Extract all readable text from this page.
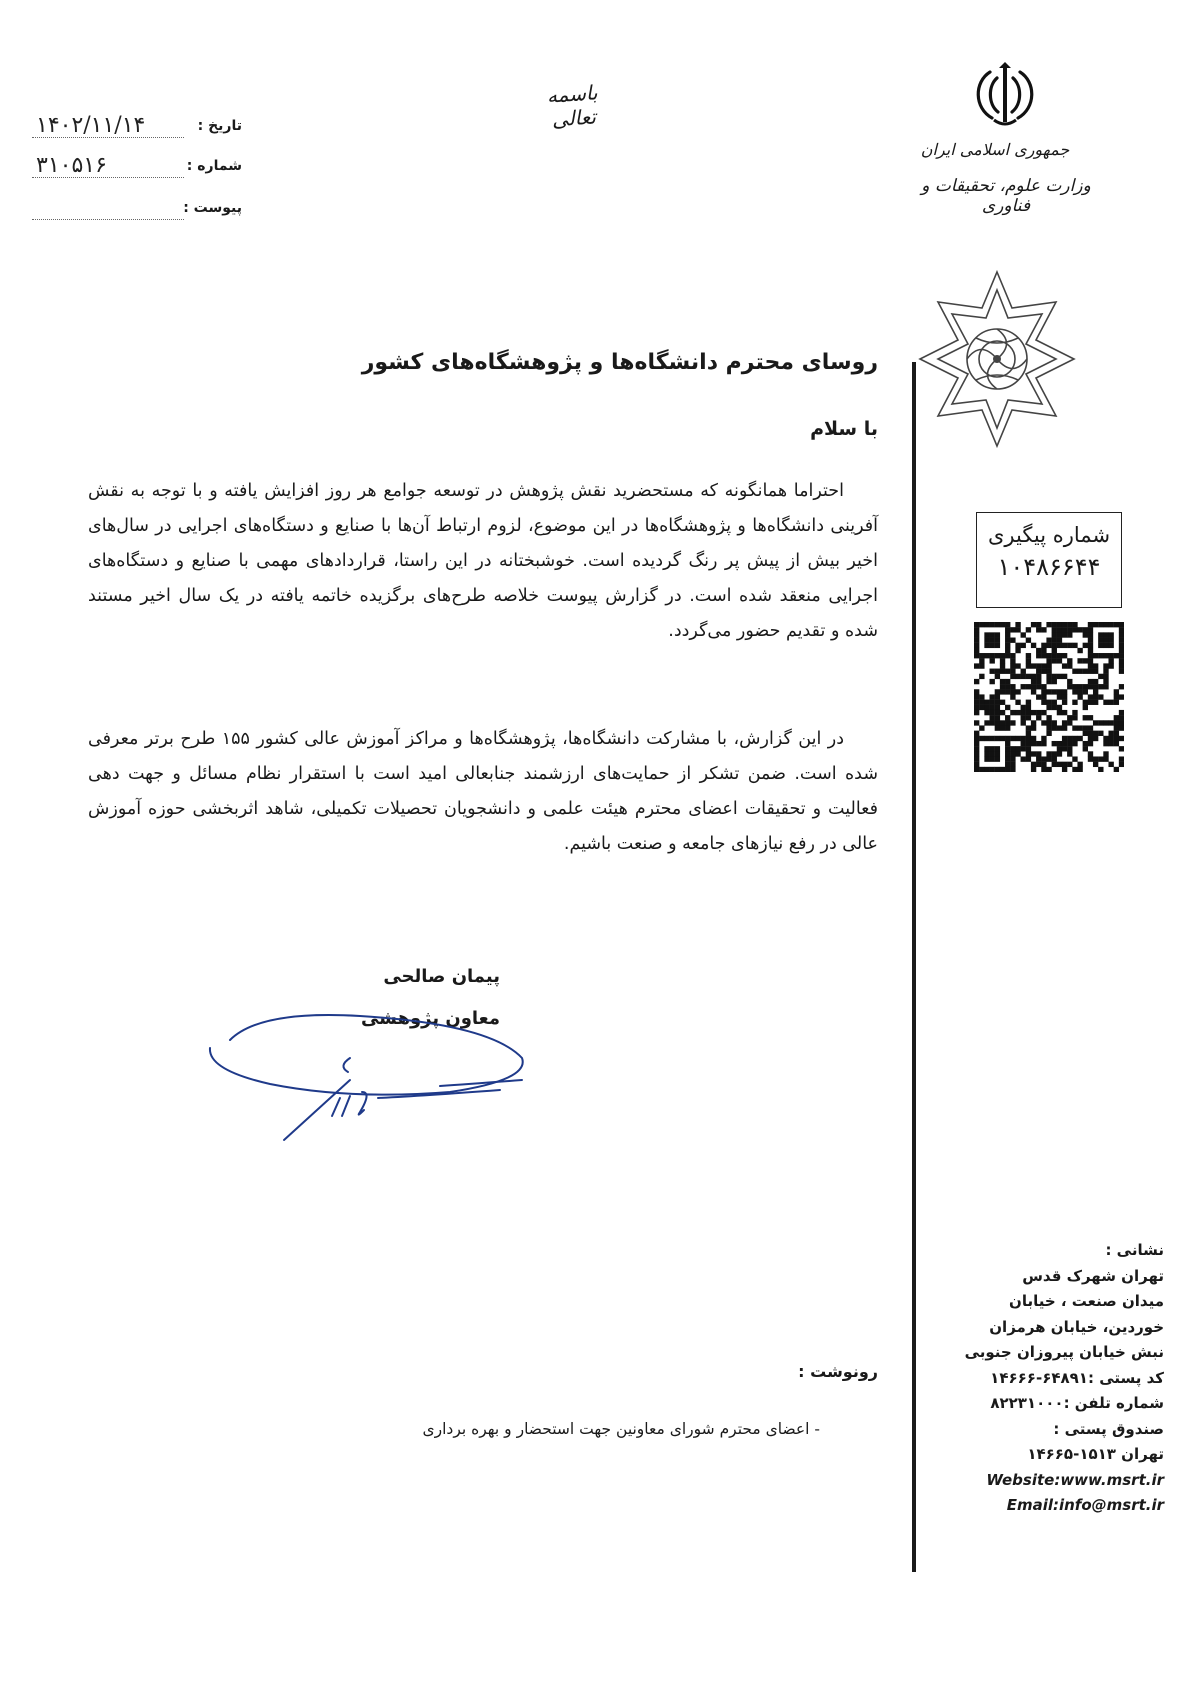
جمهوری اسلامی ایران
وزارت علوم، تحقیقات و فناوری
باسمه تعالی
تاریخ :
۱۴۰۲/۱۱/۱۴
شماره :
۳۱۰۵۱۶
پیوست :
شماره پیگیری
۱۰۴۸۶۶۴۴
روسای محترم دانشگاه‌ها و پژوهشگاه‌های کشور
با سلام
احتراما همانگونه که مستحضرید نقش پژوهش در توسعه جوامع هر روز افزایش یافته و با توجه به نقش آفرینی دانشگاه‌ها و پژوهشگاه‌ها در این موضوع، لزوم ارتباط آن‌ها با صنایع و دستگاه‌های اجرایی در سال‌های اخیر بیش از پیش پر رنگ گردیده است. خوشبختانه در این راستا، قراردادهای مهمی با صنایع و دستگاه‌های اجرایی منعقد شده است. در گزارش پیوست خلاصه طرح‌های برگزیده خاتمه یافته در یک سال اخیر مستند شده و تقدیم حضور می‌گردد.
در این گزارش، با مشارکت دانشگاه‌ها، پژوهشگاه‌ها و مراکز آموزش عالی کشور ۱۵۵ طرح برتر معرفی شده است. ضمن تشکر از حمایت‌های ارزشمند جنابعالی امید است با استقرار نظام مسائل و جهت دهی فعالیت و تحقیقات اعضای محترم هیئت علمی و دانشجویان تحصیلات تکمیلی، شاهد اثربخشی حوزه آموزش عالی در رفع نیازهای جامعه و صنعت باشیم.
پیمان صالحی
معاون پژوهشی
رونوشت :
- اعضای محترم شورای معاونین جهت استحضار و بهره برداری
نشانی :
تهران شهرک قدس
میدان صنعت ، خیابان
خوردین، خیابان هرمزان
نبش خیابان پیروزان جنوبی
کد پستی :۶۴۸۹۱-۱۴۶۶۶
شماره تلفن :۸۲۲۳۱۰۰۰
صندوق پستی :
تهران ۱۵۱۳-۱۴۶۶۵
Website:www.msrt.ir
Email:info@msrt.ir
